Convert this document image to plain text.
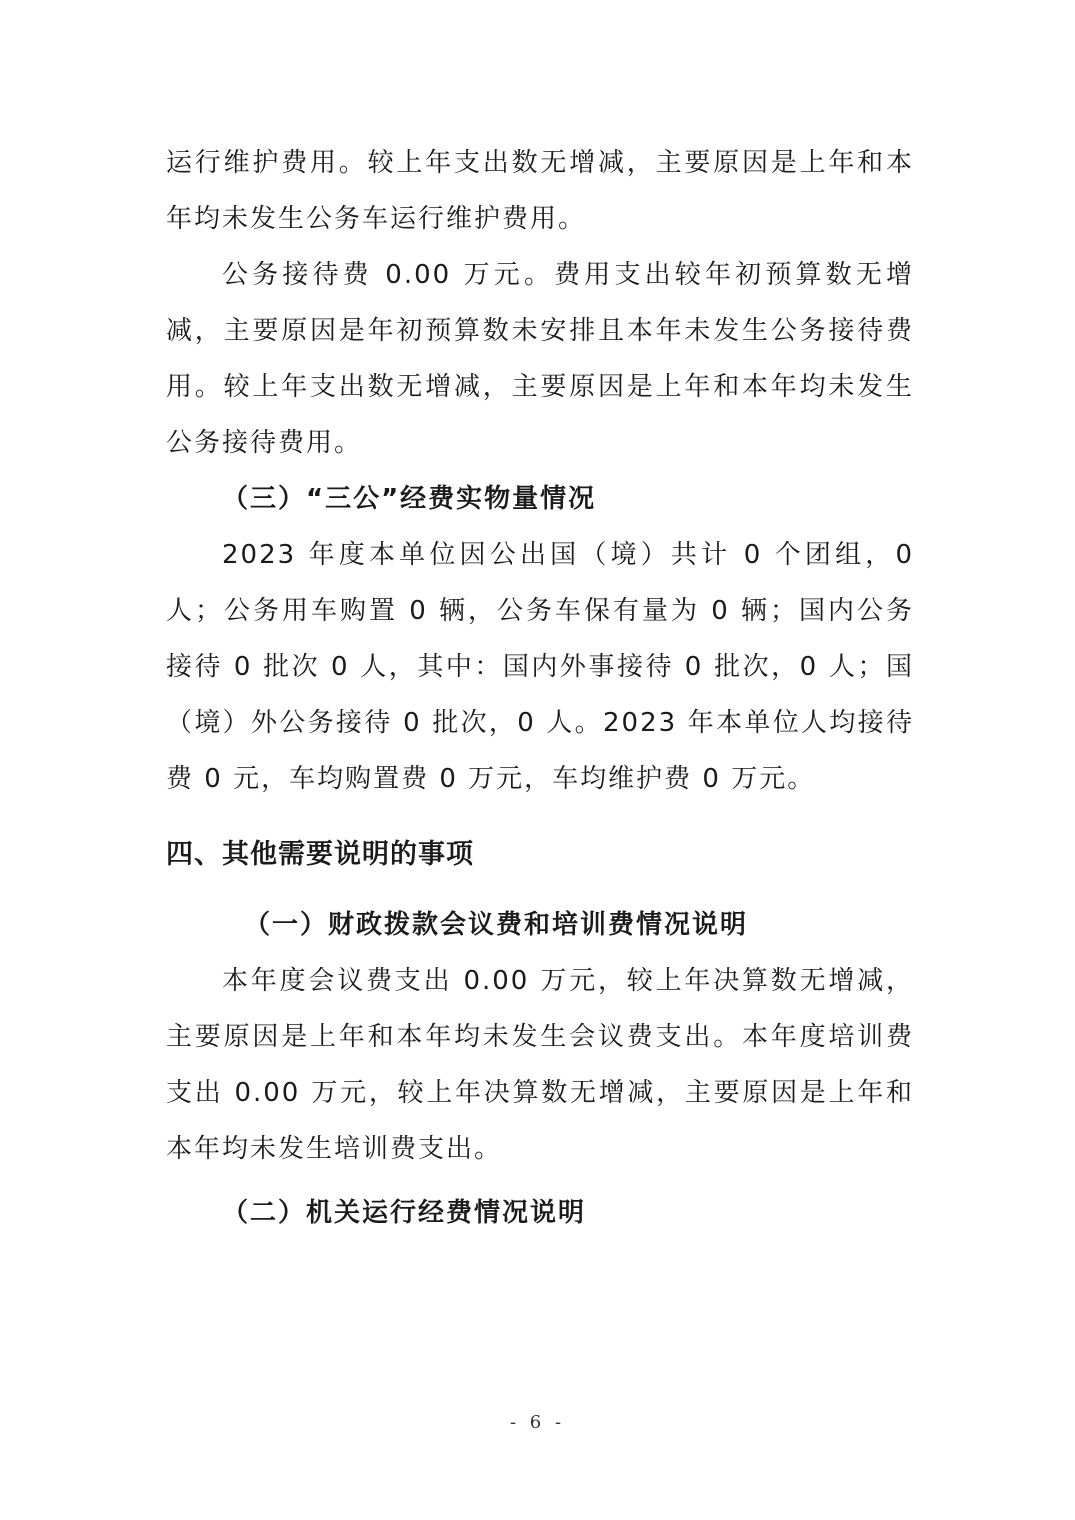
运行维护费用。较上年支出数无增减，主要原因是上年和本年均未发生公务车运行维护费用。

公务接待费 0.00 万元。费用支出较年初预算数无增减，主要原因是年初预算数未安排且本年未发生公务接待费用。较上年支出数无增减，主要原因是上年和本年均未发生公务接待费用。

（三）“三公”经费实物量情况

2023 年度本单位因公出国（境）共计 0 个团组，0 人；公务用车购置 0 辆，公务车保有量为 0 辆；国内公务接待 0 批次 0 人，其中：国内外事接待 0 批次，0 人；国（境）外公务接待 0 批次，0 人。2023 年本单位人均接待费 0 元，车均购置费 0 万元，车均维护费 0 万元。

四、其他需要说明的事项
（一）财政拨款会议费和培训费情况说明

本年度会议费支出 0.00 万元，较上年决算数无增减，主要原因是上年和本年均未发生会议费支出。本年度培训费支出 0.00 万元，较上年决算数无增减，主要原因是上年和本年均未发生培训费支出。

（二）机关运行经费情况说明
- 6 -
